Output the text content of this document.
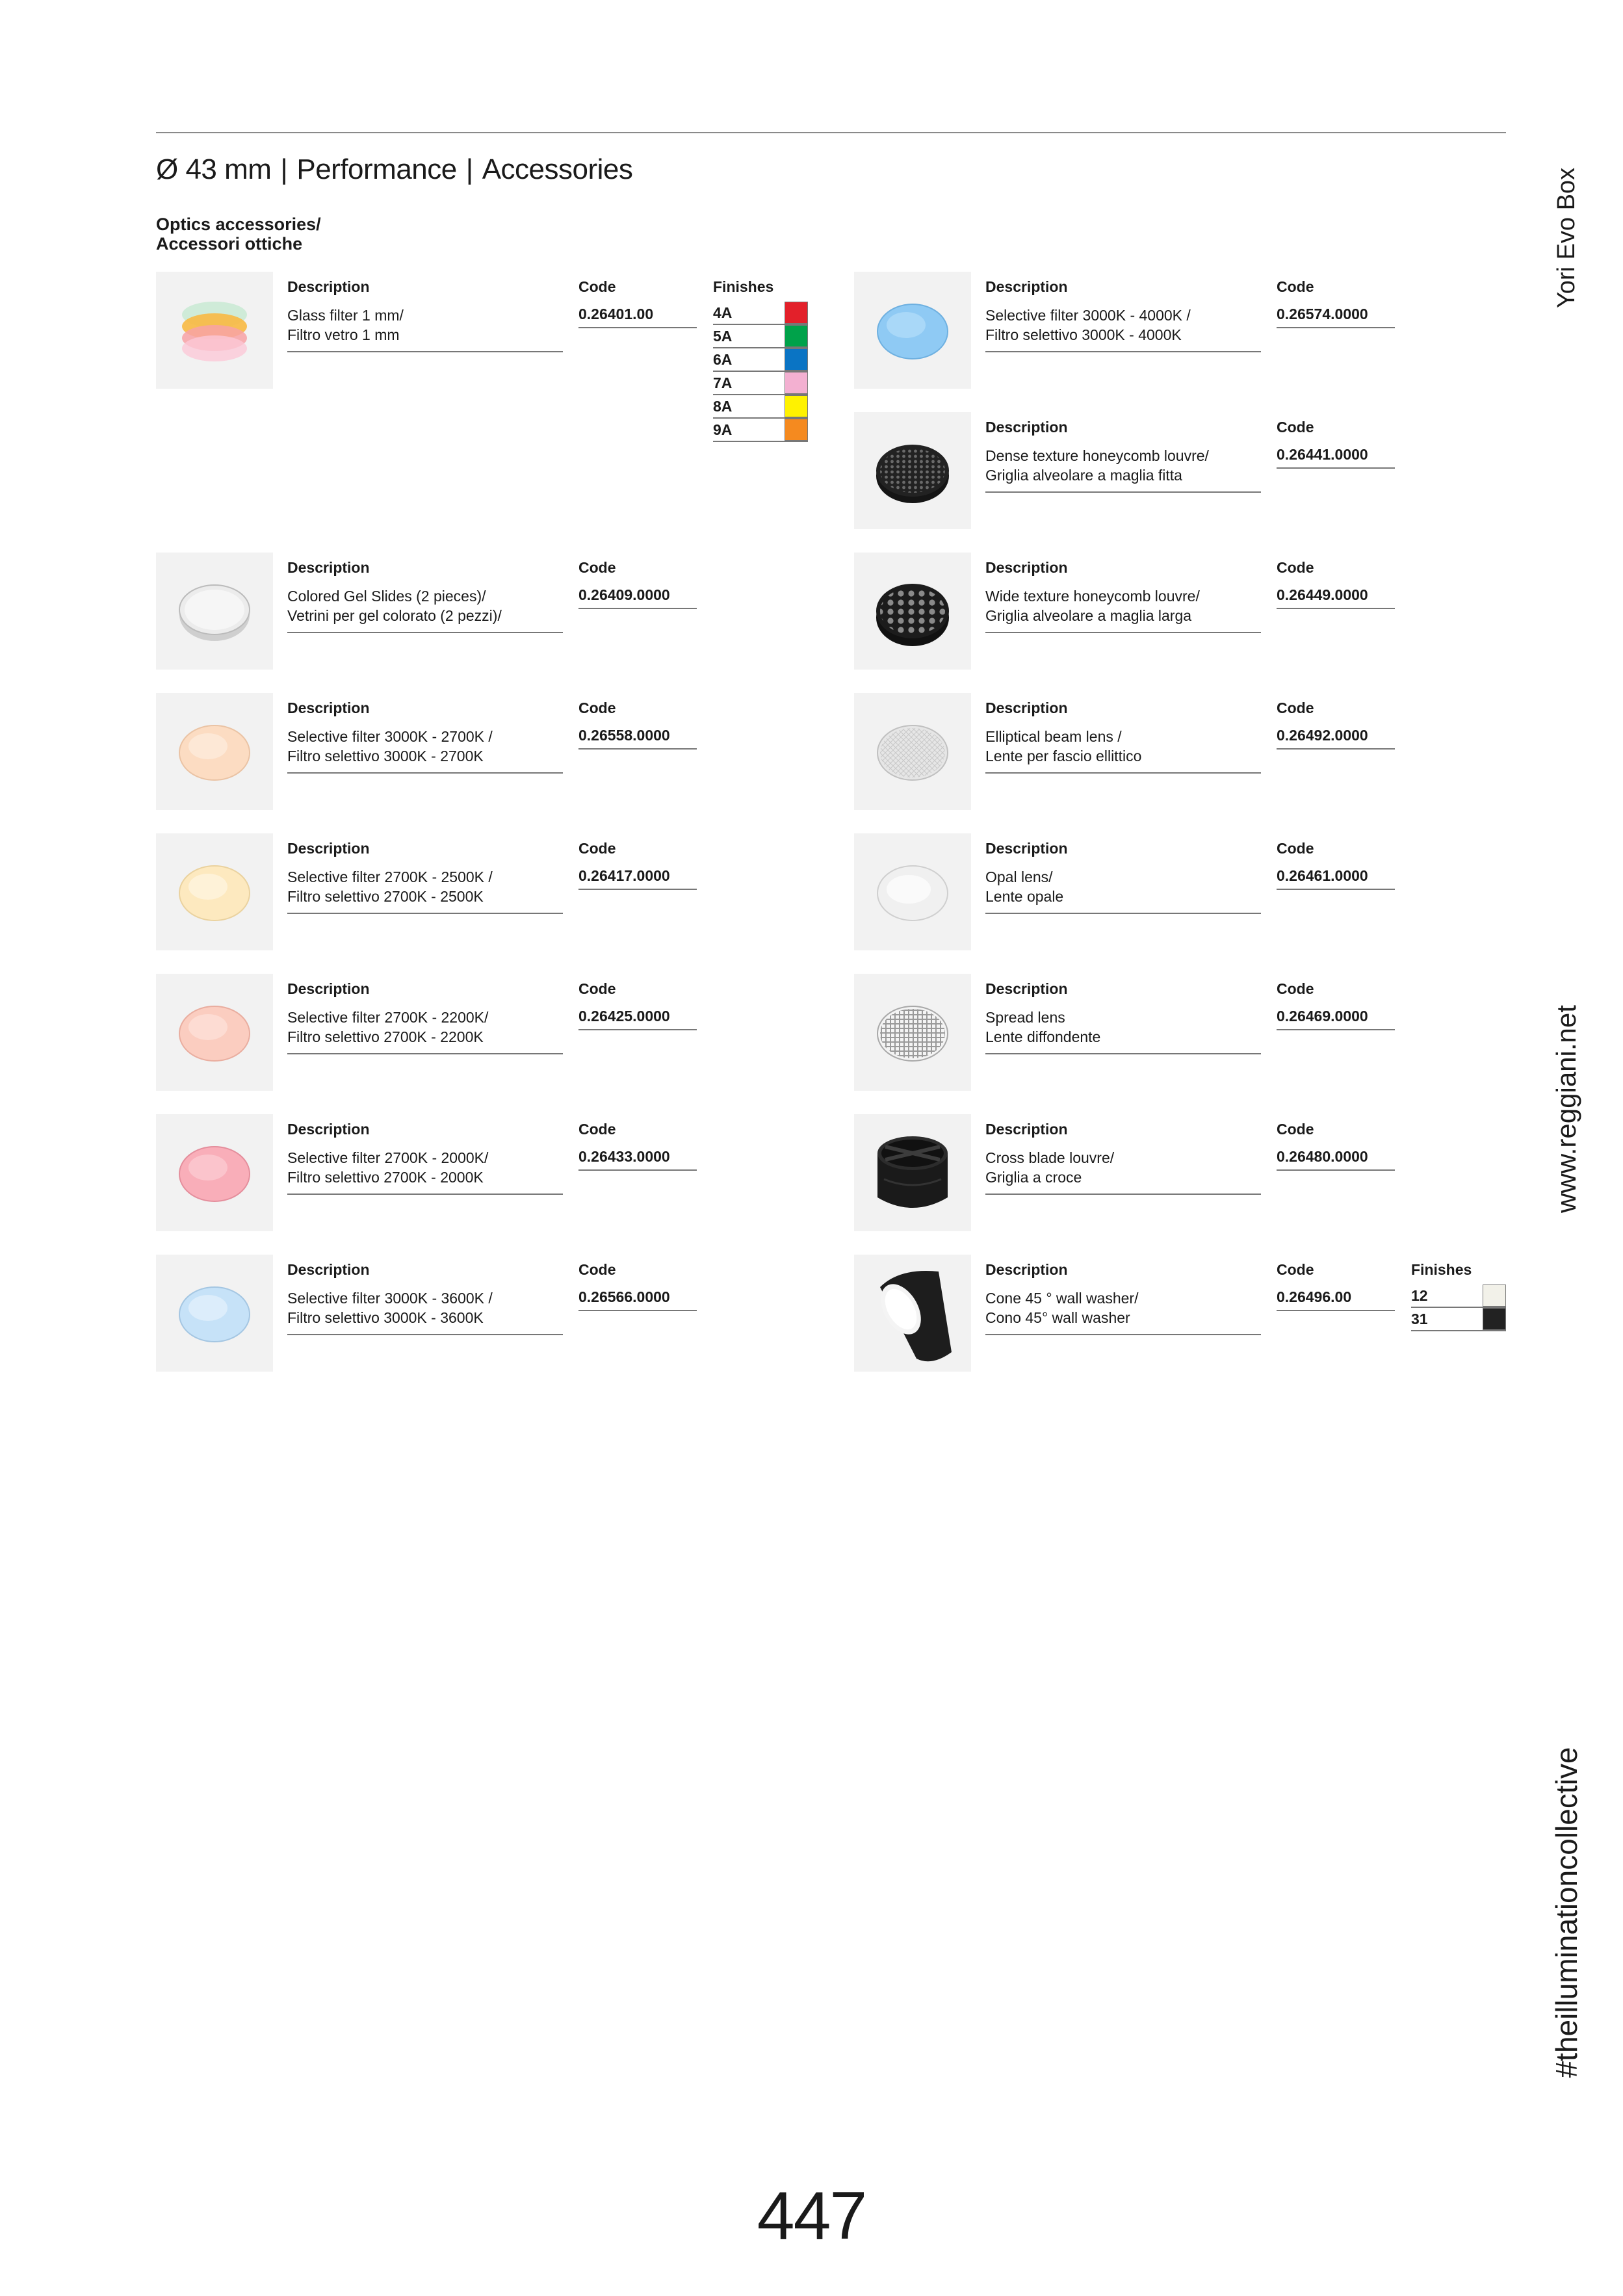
Ø 43 mm | Performance | Accessories
Optics accessories/
Accessori ottiche	Yori Evo Box
www.reggiani.net
#theilluminationcollective
Description	Code	Finishes
Glass filter 1 mm/
Filtro vetro 1 mm
0.26401.00	4A
5A
6A
7A
8A
9A
Description	Code
Colored Gel Slides (2 pieces)/
Vetrini per gel colorato (2 pezzi)/
0.26409.0000
Description	Code
Selective filter 3000K - 2700K /
Filtro selettivo 3000K - 2700K
0.26558.0000
Description	Code
Selective filter 2700K - 2500K /
Filtro selettivo 2700K - 2500K
0.26417.0000
Description	Code
Selective filter 2700K - 2200K/
Filtro selettivo 2700K - 2200K
0.26425.0000
Description	Code
Selective filter 2700K - 2000K/
Filtro selettivo 2700K - 2000K
0.26433.0000
Description	Code
Selective filter 3000K - 3600K /
Filtro selettivo 3000K - 3600K
0.26566.0000
Description	Code
Selective filter 3000K - 4000K /
Filtro selettivo 3000K - 4000K
0.26574.0000
Description	Code
Dense texture honeycomb louvre/
Griglia alveolare a maglia fitta
0.26441.0000
Description	Code
Wide texture honeycomb louvre/
Griglia alveolare a maglia larga
0.26449.0000
Description	Code
Elliptical beam lens /
Lente per fascio ellittico
0.26492.0000
Description	Code
Opal lens/
Lente opale
0.26461.0000
Description	Code
Spread lens
Lente diffondente
0.26469.0000
Description	Code
Cross blade louvre/
Griglia a croce
0.26480.0000
Description	Code	Finishes
Cone 45 ° wall washer/
Cono 45° wall washer
0.26496.00	12
31
447
